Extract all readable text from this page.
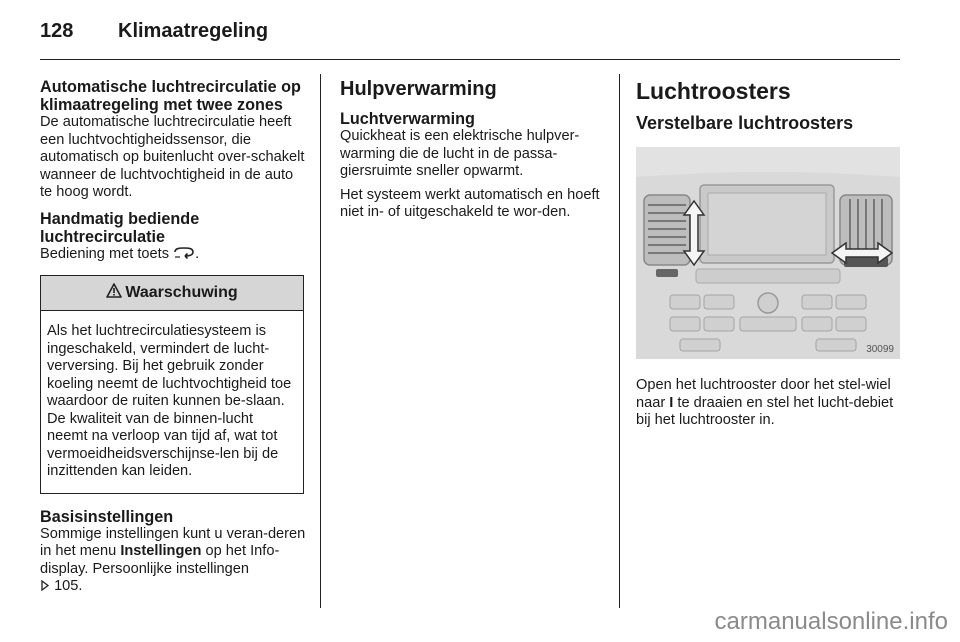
128 Klimaatregeling

Automatische luchtrecirculatie op klimaatregeling met twee zones

De automatische luchtrecirculatie heeft een luchtvochtigheidssensor, die automatisch op buitenlucht over-schakelt wanneer de luchtvochtigheid in de auto te hoog wordt.

Handmatig bediende
luchtrecirculatie

Bediening met toets .

Waarschuwing
Als het luchtrecirculatiesysteem is ingeschakeld, vermindert de lucht-verversing. Bij het gebruik zonder koeling neemt de luchtvochtigheid toe waardoor de ruiten kunnen be-slaan. De kwaliteit van de binnen-lucht neemt na verloop van tijd af, wat tot vermoeidheidsverschijnse-len bij de inzittenden kan leiden.

Basisinstellingen

Sommige instellingen kunt u veran-deren in het menu Instellingen op het Info-display. Persoonlijke instellingen
105.

Hulpverwarming

Luchtverwarming

Quickheat is een elektrische hulpver-warming die de lucht in de passa-giersruimte sneller opwarmt.

Het systeem werkt automatisch en hoeft niet in- of uitgeschakeld te wor-den.

Luchtroosters

Verstelbare luchtroosters

30099

Open het luchtrooster door het stel-wiel naar I te draaien en stel het lucht-debiet bij het luchtrooster in.

carmanualsonline.info
